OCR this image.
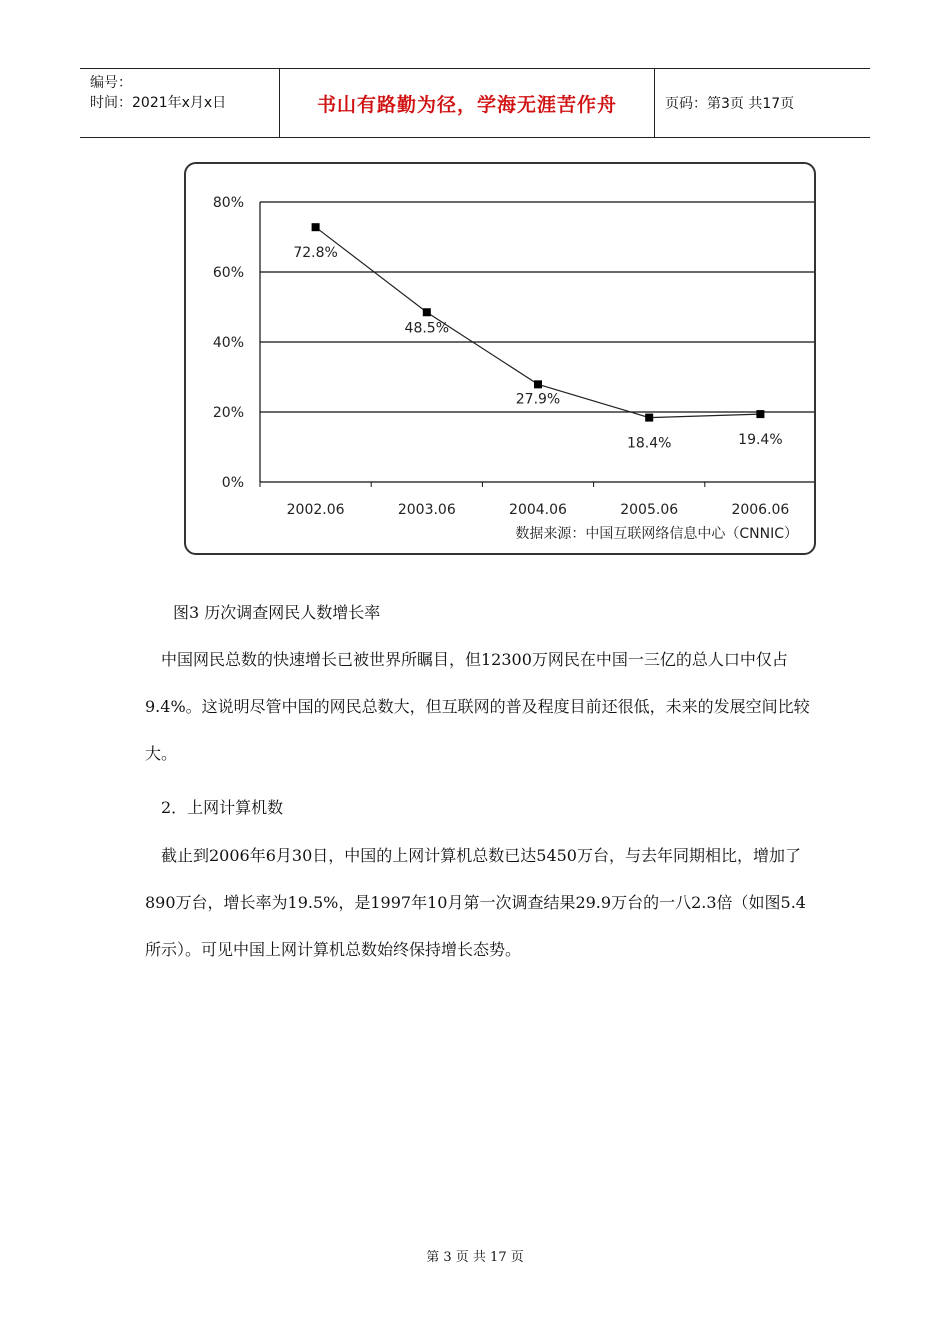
编号：
时间：2021年x月x日	书山有路勤为径，学海无涯苦作舟	页码：第3页 共17页
0%
20%
40%
60%
80%
2002.06	2003.06	2004.06	2005.06	2006.06
72.8%
48.5%
27.9%
18.4%	19.4%
数据来源：中国互联网络信息中心（CNNIC）
图3 历次调查网民人数增长率
　中国网民总数的快速增长已被世界所瞩目，但12300万网民在中国一三亿的总人口中仅占9.4%。这说明尽管中国的网民总数大，但互联网的普及程度目前还很低，未来的发展空间比较大。
　2．上网计算机数
　截止到2006年6月30日，中国的上网计算机总数已达5450万台，与去年同期相比，增加了890万台，增长率为19.5%，是1997年10月第一次调查结果29.9万台的一八2.3倍（如图5.4所示）。可见中国上网计算机总数始终保持增长态势。
第 3 页 共 17 页
